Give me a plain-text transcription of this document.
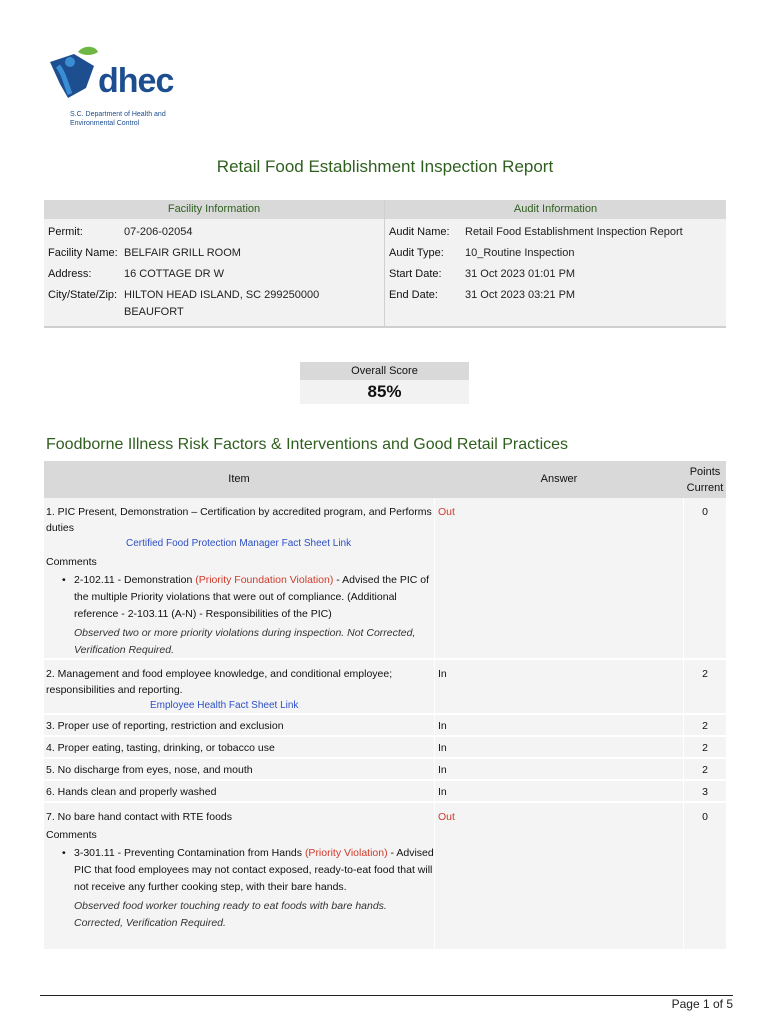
dhec
S.C. Department of Health and
Environmental Control
Retail Food Establishment Inspection Report
Facility Information	Audit Information
Permit:	07-206-02054
Facility Name: BELFAIR GRILL ROOM
Address:	16 COTTAGE DR W
City/State/Zip: HILTON HEAD ISLAND, SC 299250000
BEAUFORT
Audit Name: Retail Food Establishment Inspection Report
Audit Type: 10_Routine Inspection
Start Date: 31 Oct 2023 01:01 PM
End Date: 31 Oct 2023 03:21 PM
Overall Score
85%
Foodborne Illness Risk Factors & Interventions and Good Retail Practices
Item	Answer
Points
Current
1. PIC Present, Demonstration – Certification by accredited program, and Performs duties
Certified Food Protection Manager Fact Sheet Link
Comments
• 2-102.11 - Demonstration (Priority Foundation Violation) - Advised the PIC of the multiple Priority violations that were out of compliance. (Additional reference - 2-103.11 (A-N) - Responsibilities of the PIC)
Observed two or more priority violations during inspection. Not Corrected, Verification Required.
Out	0
2. Management and food employee knowledge, and conditional employee; responsibilities and reporting.
Employee Health Fact Sheet Link
In	2
3. Proper use of reporting, restriction and exclusion	In	2
4. Proper eating, tasting, drinking, or tobacco use	In	2
5. No discharge from eyes, nose, and mouth	In	2
6. Hands clean and properly washed	In	3
7. No bare hand contact with RTE foods
Comments
• 3-301.11 - Preventing Contamination from Hands (Priority Violation) - Advised PIC that food employees may not contact exposed, ready-to-eat food that will not receive any further cooking step, with their bare hands.
Observed food worker touching ready to eat foods with bare hands. Corrected, Verification Required.
Out	0
Page 1 of 5
